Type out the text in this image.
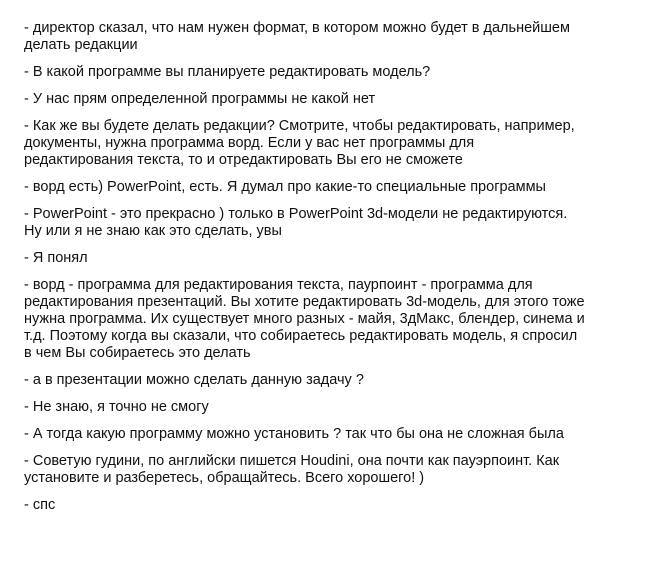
- директор сказал, что нам нужен формат, в котором можно будет в дальнейшем
делать редакции
- В какой программе вы планируете редактировать модель?
- У нас прям определенной программы не какой нет
- Как же вы будете делать редакции? Смотрите, чтобы редактировать, например,
документы, нужна программа ворд. Если у вас нет программы для
редактирования текста, то и отредактировать Вы его не сможете
- ворд есть) PowerPoint, есть. Я думал про какие-то специальные программы
- PowerPoint - это прекрасно ) только в PowerPoint 3d-модели не редактируются.
Ну или я не знаю как это сделать, увы
- Я понял
- ворд - программа для редактирования текста, паурпоинт - программа для
редактирования презентаций. Вы хотите редактировать 3d-модель, для этого тоже
нужна программа. Их существует много разных - майя, 3дМакс, блендер, синема и
т.д. Поэтому когда вы сказали, что собираетесь редактировать модель, я спросил
в чем Вы собираетесь это делать
- а в презентации можно сделать данную задачу ?
- Не знаю, я точно не смогу
- А тогда какую программу можно установить ? так что бы она не сложная была
- Советую гудини, по английски пишется Houdini, она почти как пауэрпоинт. Как
установите и разберетесь, обращайтесь. Всего хорошего! )
- спс
